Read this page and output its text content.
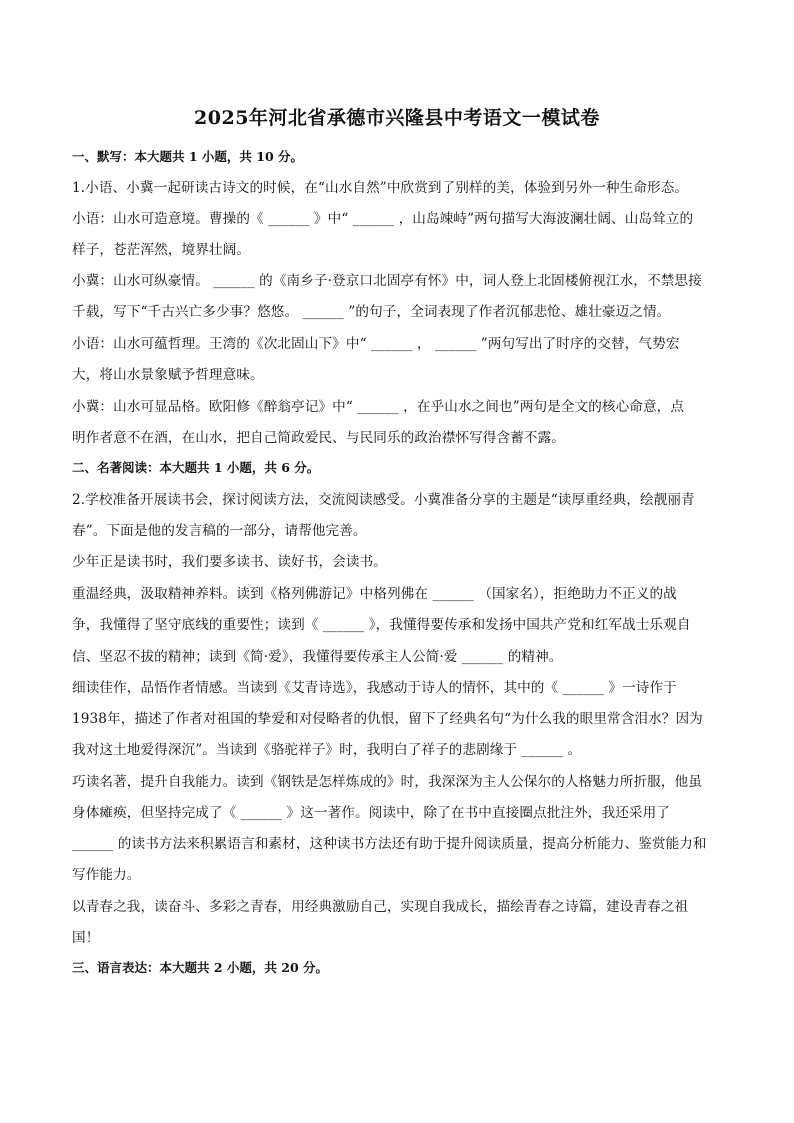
2025年河北省承德市兴隆县中考语文一模试卷
一、默写：本大题共 1 小题，共 10 分。
1.小语、小冀一起研读古诗文的时候，在“山水自然”中欣赏到了别样的美，体验到另外一种生命形态。
小语：山水可造意境。曹操的《 ______ 》中“ ______ ，山岛竦峙”两句描写大海波澜壮阔、山岛耸立的
样子，苍茫浑然，境界壮阔。
小冀：山水可纵豪情。 ______ 的《南乡子·登京口北固亭有怀》中，词人登上北固楼俯视江水，不禁思接
千载，写下“千古兴亡多少事？悠悠。 ______ ”的句子，全词表现了作者沉郁悲怆、雄壮豪迈之情。
小语：山水可蕴哲理。王湾的《次北固山下》中“ ______ ， ______ ”两句写出了时序的交替，气势宏
大，将山水景象赋予哲理意味。
小冀：山水可显品格。欧阳修《醉翁亭记》中“ ______ ，在乎山水之间也”两句是全文的核心命意，点
明作者意不在酒，在山水，把自己简政爱民、与民同乐的政治襟怀写得含蓄不露。
二、名著阅读：本大题共 1 小题，共 6 分。
2.学校准备开展读书会，探讨阅读方法，交流阅读感受。小冀准备分享的主题是“读厚重经典，绘靓丽青
春”。下面是他的发言稿的一部分，请帮他完善。
少年正是读书时，我们要多读书、读好书，会读书。
重温经典，汲取精神养料。读到《格列佛游记》中格列佛在 ______ （国家名），拒绝助力不正义的战
争，我懂得了坚守底线的重要性；读到《 ______ 》，我懂得要传承和发扬中国共产党和红军战士乐观自
信、坚忍不拔的精神；读到《简·爱》，我懂得要传承主人公简·爱 ______ 的精神。
细读佳作，品悟作者情感。当读到《艾青诗选》，我感动于诗人的情怀，其中的《 ______ 》一诗作于
1938年，描述了作者对祖国的挚爱和对侵略者的仇恨，留下了经典名句“为什么我的眼里常含泪水？因为
我对这土地爱得深沉”。当读到《骆驼祥子》时，我明白了祥子的悲剧缘于 ______ 。
巧读名著，提升自我能力。读到《钢铁是怎样炼成的》时，我深深为主人公保尔的人格魅力所折服，他虽
身体瘫痪，但坚持完成了《 ______ 》这一著作。阅读中，除了在书中直接圈点批注外，我还采用了
______ 的读书方法来积累语言和素材，这种读书方法还有助于提升阅读质量，提高分析能力、鉴赏能力和
写作能力。
以青春之我，读奋斗、多彩之青春，用经典激励自己，实现自我成长，描绘青春之诗篇，建设青春之祖
国！
三、语言表达：本大题共 2 小题，共 20 分。
